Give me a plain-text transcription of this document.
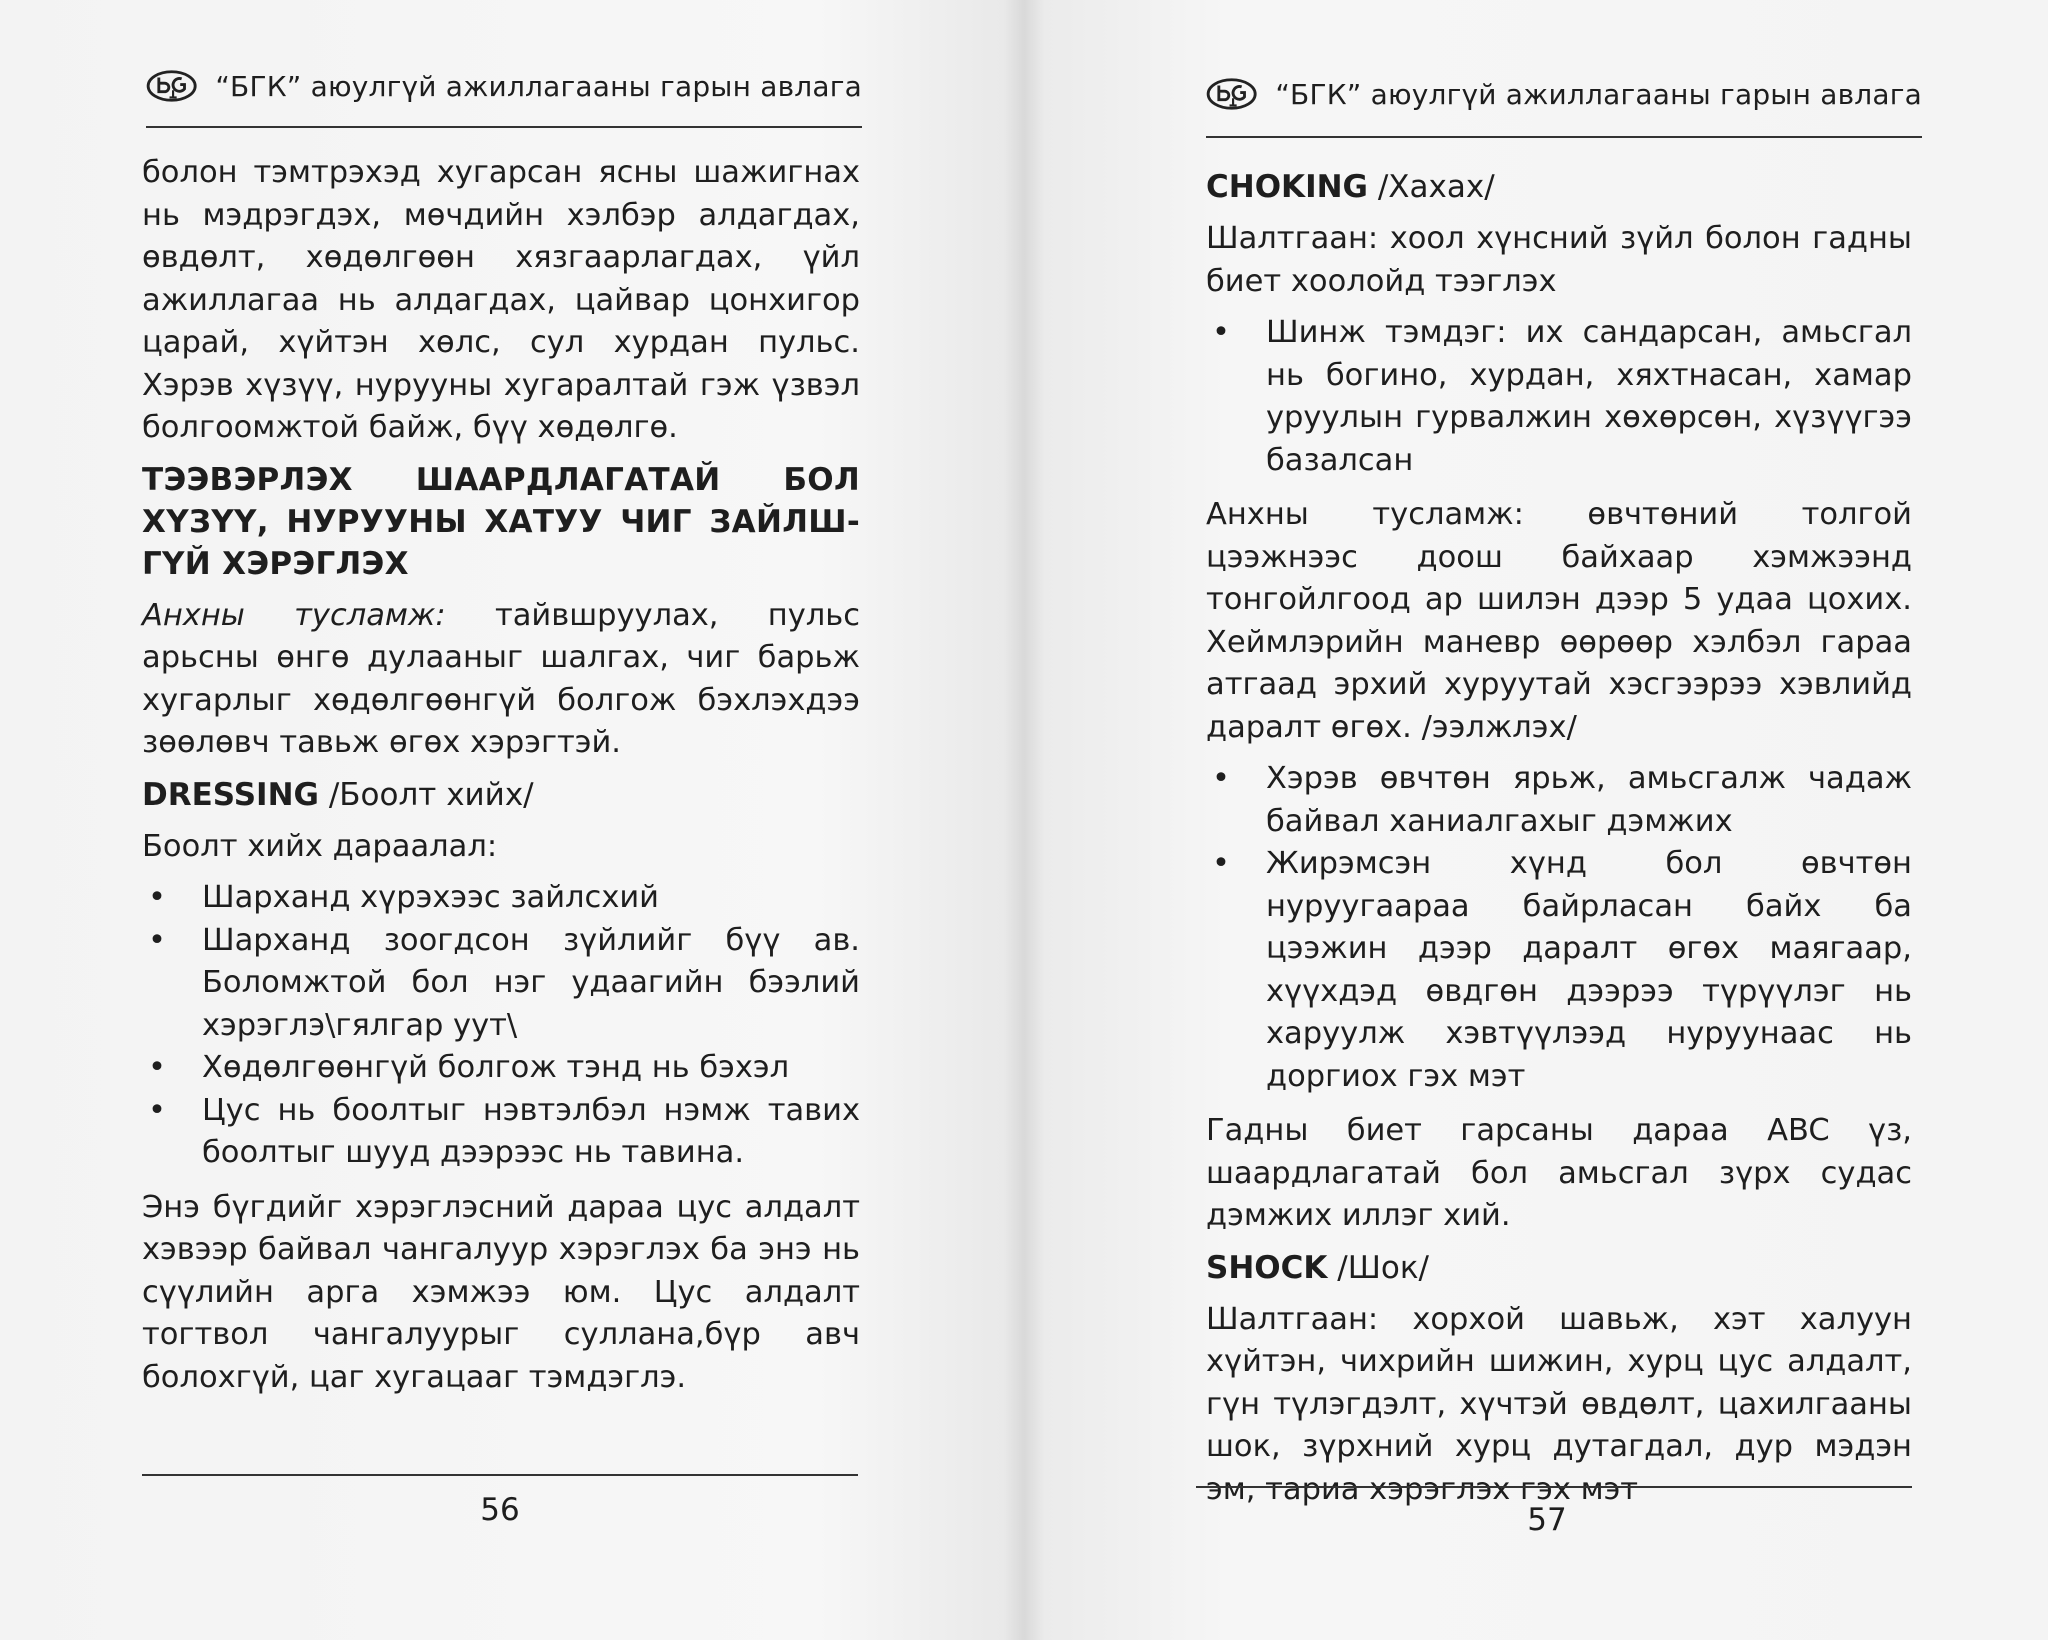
“БГК” аюулгүй ажиллагааны гарын авлага

болон тэмтрэхэд хугарсан ясны шажигнах нь мэдрэгдэх, мөчдийн хэлбэр алдагдах, өвдөлт, хөдөлгөөн хязгаарлагдах, үйл ажиллагаа нь алдагдах, цайвар цонхигор царай, хүйтэн хөлс, сул хурдан пульс. Хэрэв хүзүү, нурууны хугаралтай гэж үзвэл болгоомжтой байж, бүү хөдөлгө.

ТЭЭВЭРЛЭХ ШААРДЛАГАТАЙ БОЛ ХҮЗҮҮ, НУРУУНЫ ХАТУУ ЧИГ ЗАЙЛШ- ГҮЙ ХЭРЭГЛЭХ

Анхны тусламж: тайвшруулах, пульс арьсны өнгө дулааныг шалгах, чиг барьж хугарлыг хөдөлгөөнгүй болгож бэхлэхдээ зөөлөвч тавьж өгөх хэрэгтэй.

DRESSING /Боолт хийх/

Боолт хийх дараалал:

• Шарханд хүрэхээс зайлсхий
• Шарханд зоогдсон зүйлийг бүү ав. Боломжтой бол нэг удаагийн бээлий хэрэглэ\гялгар уут\
• Хөдөлгөөнгүй болгож тэнд нь бэхэл
• Цус нь боолтыг нэвтэлбэл нэмж тавих боолтыг шууд дээрээс нь тавина.

Энэ бүгдийг хэрэглэсний дараа цус алдалт хэвээр байвал чангалуур хэрэглэх ба энэ нь сүүлийн арга хэмжээ юм. Цус алдалт тогтвол чангалуурыг суллана,бүр авч болохгүй, цаг хугацааг тэмдэглэ.

56
“БГК” аюулгүй ажиллагааны гарын авлага
CHOKING /Хахах/

Шалтгаан: хоол хүнсний зүйл болон гадны биет хоолойд тээглэх

• Шинж тэмдэг: их сандарсан, амьсгал нь богино, хурдан, хяхтнасан, хамар уруулын гурвалжин хөхөрсөн, хүзүүгээ базалсан

Анхны тусламж: өвчтөний толгой цээжнээс доош байхаар хэмжээнд тонгойлгоод ар шилэн дээр 5 удаа цохих. Хеймлэрийн маневр өөрөөр хэлбэл гараа атгаад эрхий хуруутай хэсгээрээ хэвлийд даралт өгөх. /ээлжлэх/

• Хэрэв өвчтөн ярьж, амьсгалж чадаж байвал ханиалгахыг дэмжих
• Жирэмсэн хүнд бол өвчтөн нуруугаараа байрласан байх ба цээжин дээр даралт өгөх маягаар, хүүхдэд өвдгөн дээрээ түрүүлэг нь харуулж хэвтүүлээд нуруунаас нь доргиох гэх мэт

Гадны биет гарсаны дараа ABC үз, шаардлагатай бол амьсгал зүрх судас дэмжих иллэг хий.

SHOCK /Шок/

Шалтгаан: хорхой шавьж, хэт халуун хүйтэн, чихрийн шижин, хурц цус алдалт, гүн түлэгдэлт, хүчтэй өвдөлт, цахилгааны шок, зүрхний хурц дутагдал, дур мэдэн эм, тариа хэрэглэх гэх мэт

57
